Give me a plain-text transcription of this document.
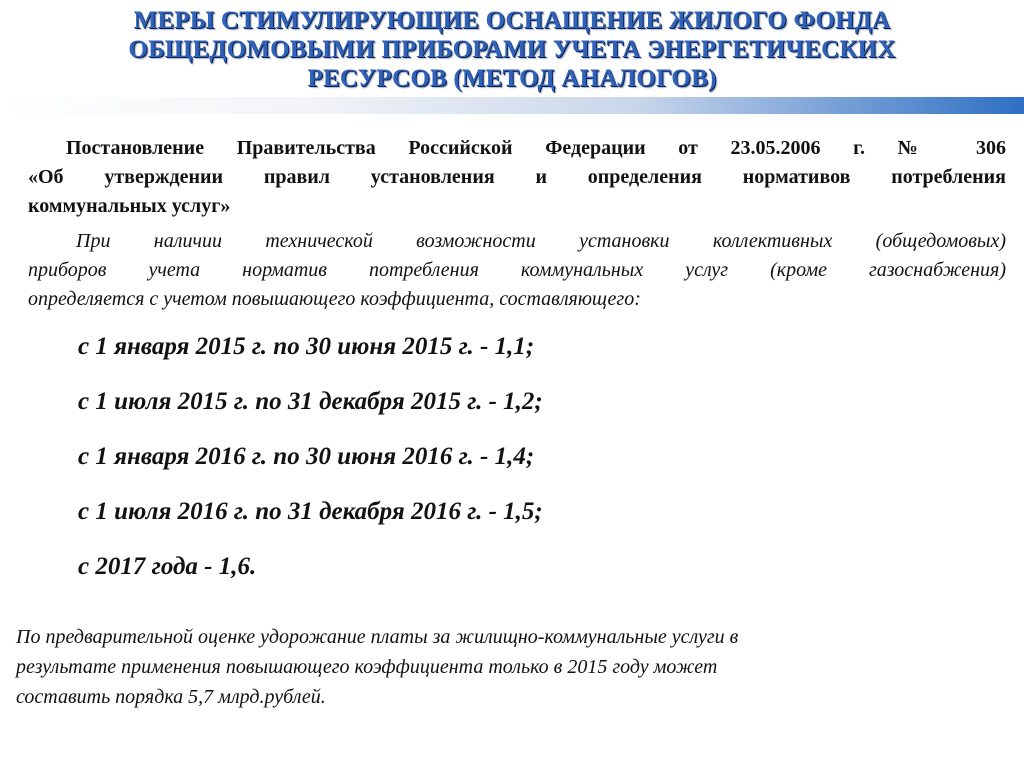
МЕРЫ СТИМУЛИРУЮЩИЕ ОСНАЩЕНИЕ ЖИЛОГО ФОНДА
ОБЩЕДОМОВЫМИ ПРИБОРАМИ УЧЕТА ЭНЕРГЕТИЧЕСКИХ
РЕСУРСОВ (МЕТОД АНАЛОГОВ)
Постановление Правительства Российской Федерации от 23.05.2006 г. № 306
«Об утверждении правил установления и определения нормативов потребления
коммунальных услуг»
При наличии технической возможности установки коллективных (общедомовых)
приборов учета норматив потребления коммунальных услуг (кроме газоснабжения)
определяется с учетом повышающего коэффициента, составляющего:
с 1 января 2015 г. по 30 июня 2015 г. - 1,1;
с 1 июля 2015 г. по 31 декабря 2015 г. - 1,2;
с 1 января 2016 г. по 30 июня 2016 г. - 1,4;
с 1 июля 2016 г. по 31 декабря 2016 г. - 1,5;
с 2017 года - 1,6.
По предварительной оценке удорожание платы за жилищно-коммунальные услуги в
результате применения повышающего коэффициента только в 2015 году может
составить порядка 5,7 млрд.рублей.
